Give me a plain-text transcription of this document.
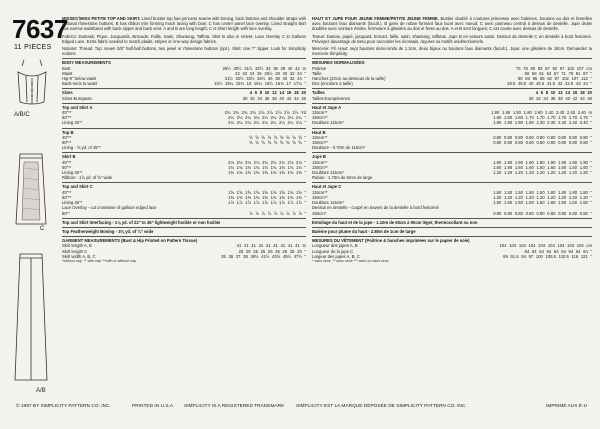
7637
11 PIECES
A/B/C
C
A/B

MISSES'/MISS PETITE TOP AND SKIRT. Lined bustier top has princess seams with boning, back buttons and shoulder straps with optional rhinestone buttons. B has ribbon trim forming mock lacing with bow; C has center panel lace overlay. Lined straight skirt has narrow waistband with back zipper and back vent. A and B are long length; C is short length with lace overlay.

Fabrics: Damask, Pique, Jacquards, Brocade, Faille, Satin, Shantung, Taffeta. Skirt B also in Velvet. Lace Overlay C in Galloon Edged Lace. Extra fabric needed to match plaids, stripes or one-way design fabrics.

Notions: Thread. Top: seven 3/8" half-ball buttons, two jewel or rhinestone buttons (opt.). Skirt: one 7" zipper. Look for Simplicity notions.

BODY MEASUREMENTS
Bust	29½ 30½ 31½ 32½ 34 36 38 40 42 In
Waist	22 23 24 25 26½ 28 30 32 34 "
Hip-9" below waist	31½ 32½ 33½ 34½ 36 38 40 42 44 "
Back-neck to waist	15½ 15¾ 15¾ 16 16¼ 16½ 16¾ 17 17¼ "
Sizes	4 6 8 10 12 14 16 18 20
Sizes-European	30 32 34 36 38 40 42 44 46
Top and Skirt A
45"**	2¾ 2¾ 2¾ 2¾ 2⅞ 2⅞ 2⅞ 2⅞ 2⅞ Yd
60"**	2¼ 2¼ 2¼ 2¼ 2¼ 2¼ 2¼ 2¼ 2¼ "
Lining 45"*	2¼ 2¼ 2¼ 2¼ 2¼ 2¼ 2¼ 2¼ 2¼ "
Top B
45"**	⅝ ⅝ ⅝ ⅝ ⅝ ⅝ ⅝ ⅝ ⅝ "
60"**	⅝ ⅝ ⅝ ⅝ ⅝ ⅝ ⅝ ⅝ ⅝ "
Lining - ⅝ yd. of 45"*
Skirt B
45"**	2⅛ 2⅛ 2⅛ 2⅛ 2⅛ 2⅛ 2⅛ 2⅛ 2⅛ "
60"**	1¾ 1¾ 1¾ 1¾ 1¾ 1¾ 1¾ 1¾ 1¾ "
Lining 45"*	1⅜ 1⅜ 1⅜ 1⅜ 1⅜ 1⅜ 1⅜ 1⅜ 1⅜ "
Ribbon - 1⅞ yd. of ⅝" wide
Top and Skirt C
45"**	1⅝ 1⅝ 1⅝ 1⅝ 1⅝ 1⅝ 1⅝ 1⅝ 1⅝ "
60"**	1⅜ 1⅜ 1⅜ 1⅜ 1⅜ 1⅜ 1⅜ 1⅜ 1⅜ "
Lining 45"*	1⅞ 1⅞ 1⅞ 1⅞ 1⅞ 1⅞ 1⅞ 1⅞ 1⅞ "
Lace Overlay - cut crosswise of galloon edged lace
60"*	⅞ ⅞ ⅞ ⅞ ⅞ ⅞ ⅞ ⅞ ⅞ "
Top and Skirt Interfacing - 1⅛ yd. of 22" to 36" lightweight fusible or non fusible
Top Featherweight Boning - 3⅜ yd. of ¼" wide
GARMENT MEASUREMENTS (Bust & Hip Printed on Pattern Tissue)
Skirt length A, B	41 41 41 41 41 41 41 41 41 In
Skirt length C	25 25 25 25 25 25 25 25 25 "
Skirt width A, B, C	35 36 37 38 39½ 41½ 43½ 45½ 47½ "
*without nap. ** with nap ***with or without nap

HAUT ET JUPE POUR JEUNE FEMME/PETITE JEUNE FEMME. Bustier doublé à coutures princesse avec baleines, boutons au dos et bretelles avec boutons faux diamants (facult.). B garni de ruban formant faux lacet avec noeud; C avec panneau central à dessus de dentelle. Jupe droite doublée avec ceinture étroite, fermeture à glissière au dos et fente au dos. A et B sont longues; C est courte avec dessus de dentelle.

Tissus: Damas, piqué, jacquard, brocart, faille, satin, shantung, taffetas. Jupe B en velours aussi. Dessus de dentelle C en dentelle à bord festonné. Prévoyez davantage de tissu pour raccorder les écossais, rayures ou motifs unidirectionnels.

Mercerie: Fil. Haut: sept boutons demi-ronds de 1.3cm, deux bijoux ou boutons faux diamants (facult.). Jupe: une glissière de 18cm. Demandez la mercerie Simplicity.

MESURES NORMALISÉES
Poitrine	75 78 80 83 87 92 97 102 107 cm
Taille	56 58 61 64 67 71 76 81 87 "
Hanches (23cm au-dessous de la taille)	80 83 85 88 92 97 102 107 112 "
Dos (encolure à taille)	39.5 39.5 40 40.5 41.5 42 42.5 43 44 "
Tailles	4 6 8 10 12 14 16 18 20
Tailles-Européennes	30 32 34 36 38 40 42 44 46
Haut et Jupe A
115cm**	1.90 1.90 1.90 1.90 2.60 2.40 2.40 2.40 2.40 m
150cm**	1.60 1.60 1.60 1.70 1.70 1.70 1.70 1.70 1.70 "
Doublure 115cm*	1.90 1.90 1.90 1.90 2.30 2.30 2.40 2.40 2.40 "
Haut B
115cm**	0.80 0.80 0.80 0.80 0.80 0.80 0.80 0.80 0.80 "
150cm**	0.80 0.80 0.80 0.80 0.80 0.80 0.80 0.80 0.80 "
Doublure - 0.70m de 115cm*
Jupe B
115cm**	1.90 1.90 1.90 1.90 1.90 1.90 1.90 1.90 1.90 "
150cm**	1.60 1.60 1.60 1.60 1.60 1.60 1.60 1.60 1.60 "
Doublure 115cm*	1.20 1.20 1.20 1.20 1.20 1.20 1.20 1.20 1.20 "
Ruban - 1.70m de 6mm de large
Haut et Jupe C
115cm**	1.50 1.50 1.50 1.50 1.50 1.80 1.80 1.80 1.80 "
150cm**	1.20 1.20 1.20 1.20 1.20 1.20 1.20 1.20 1.20 "
Doublure 115cm*	1.50 1.50 1.50 1.50 1.60 1.60 1.60 1.60 1.60 "
Dessus en dentelle - coupé en travers de la dentelle à bord festonné
150cm*	0.80 0.80 0.80 0.80 0.80 0.80 0.80 0.80 0.80 "
Entoilage du haut et de la jupe - 1.10m de 55cm à 90cm léger, thermocollant ou non
Baleine pour plume du haut - 2.80m de 1cm de large
MESURES DU VÊTEMENT (Poitrine & hanches imprimées sur le papier de soie)
Longueur des jupes A, B	104 104 104 104 104 104 104 104 104 cm
Longueur de la jupe C	64 64 64 64 64 64 64 64 64 "
Largeur des jupes A, B, C	89 91.5 94 97 100 105.5 110.5 116 121 "
* sans sens. ** avec sens *** avec ou sans sens
© 1997 BY SIMPLICITY PATTERN CO. INC.	PRINTED IN U.S.A. SIMPLICITY IS A REGISTERED TRADEMARK SIMPLICITY EST LA MARQUE DÉPOSÉE DE SIMPLICITY PATTERN CO. INC.	IMPRIMÉ AUX É-U
